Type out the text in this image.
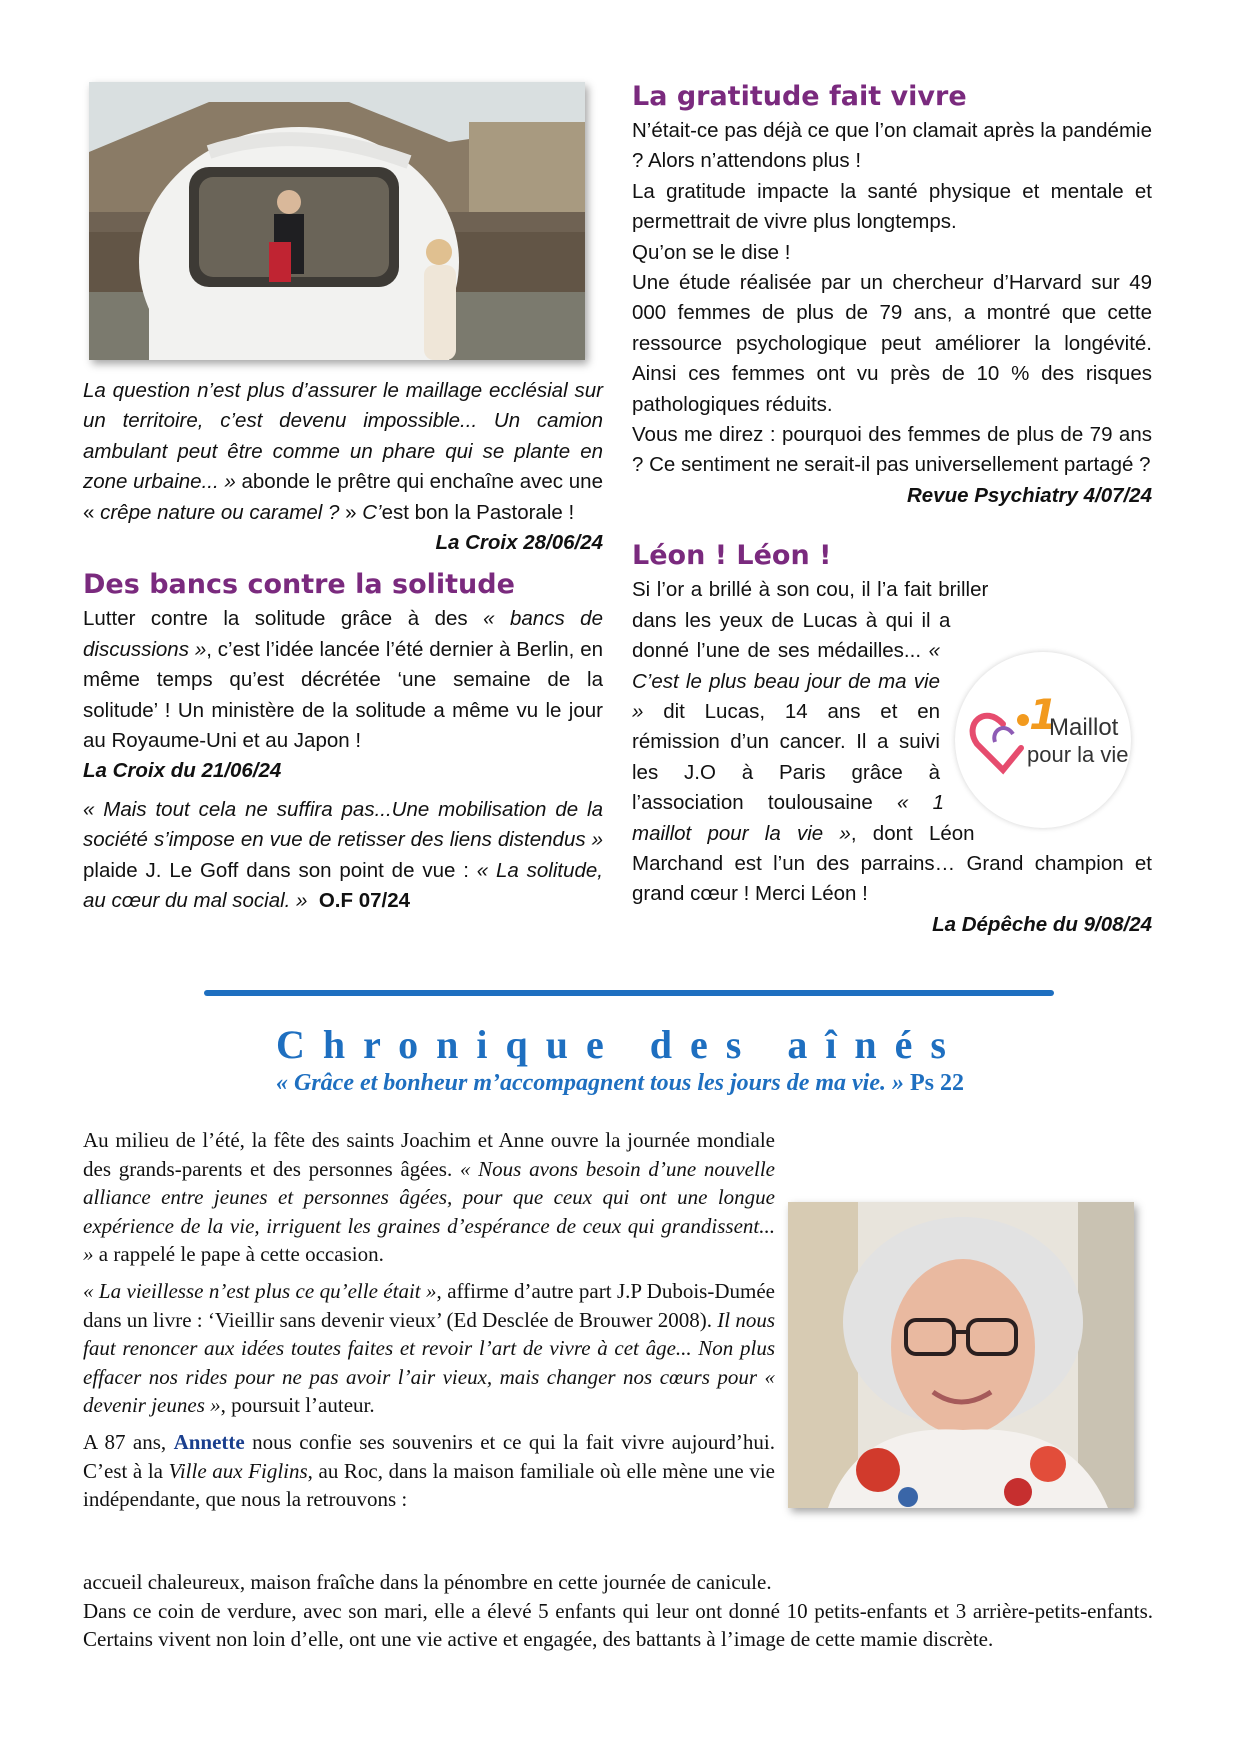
La question n’est plus d’assurer le maillage ecclésial sur un territoire, c’est devenu impossible... Un camion ambulant peut être comme un phare qui se plante en zone urbaine... » abonde le prêtre qui enchaîne avec une « crêpe nature ou caramel ? » C’est bon la Pastorale !

La Croix 28/06/24

Des bancs contre la solitude

Lutter contre la solitude grâce à des « bancs de discussions », c’est l’idée lancée l’été dernier à Berlin, en même temps qu’est décrétée ‘une semaine de la solitude’ ! Un ministère de la solitude a même vu le jour au Royaume-Uni et au Japon !

La Croix du 21/06/24

« Mais tout cela ne suffira pas...Une mobilisation de la société s’impose en vue de retisser des liens distendus » plaide J. Le Goff dans son point de vue : « La solitude, au cœur du mal social. » O.F 07/24

La gratitude fait vivre

N’était-ce pas déjà ce que l’on clamait après la pandémie ? Alors n’attendons plus !

La gratitude impacte la santé physique et mentale et permettrait de vivre plus longtemps.

Qu’on se le dise !

Une étude réalisée par un chercheur d’Harvard sur 49 000 femmes de plus de 79 ans, a montré que cette ressource psychologique peut améliorer la longévité. Ainsi ces femmes ont vu près de 10 % des risques pathologiques réduits.

Vous me direz : pourquoi des femmes de plus de 79 ans ? Ce sentiment ne serait-il pas universellement partagé ?

Revue Psychiatry 4/07/24

Léon ! Léon !

Si l’or a brillé à son cou, il l’a fait briller dans les yeux de Lucas à qui il a donné l’une de ses médailles... « C’est le plus beau jour de ma vie » dit Lucas, 14 ans et en rémission d’un cancer. Il a suivi les J.O à Paris grâce à l’association toulousaine « 1 maillot pour la vie », dont Léon Marchand est l’un des parrains… Grand champion et grand cœur ! Merci Léon !

La Dépêche du 9/08/24

1
Maillot
pour la vie
Chronique des aînés
« Grâce et bonheur m’accompagnent tous les jours de ma vie. » Ps 22

Au milieu de l’été, la fête des saints Joachim et Anne ouvre la journée mondiale des grands-parents et des personnes âgées. « Nous avons besoin d’une nouvelle alliance entre jeunes et personnes âgées, pour que ceux qui ont une longue expérience de la vie, irriguent les graines d’espérance de ceux qui grandissent... » a rappelé le pape à cette occasion.

« La vieillesse n’est plus ce qu’elle était », affirme d’autre part J.P Dubois-Dumée dans un livre : ‘Vieillir sans devenir vieux’ (Ed Desclée de Brouwer 2008). Il nous faut renoncer aux idées toutes faites et revoir l’art de vivre à cet âge... Non plus effacer nos rides pour ne pas avoir l’air vieux, mais changer nos cœurs pour « devenir jeunes », poursuit l’auteur.

A 87 ans, Annette nous confie ses souvenirs et ce qui la fait vivre aujourd’hui. C’est à la Ville aux Figlins, au Roc, dans la maison familiale où elle mène une vie indépendante, que nous la retrouvons :

accueil chaleureux, maison fraîche dans la pénombre en cette journée de canicule.

Dans ce coin de verdure, avec son mari, elle a élevé 5 enfants qui leur ont donné 10 petits-enfants et 3 arrière-petits-enfants. Certains vivent non loin d’elle, ont une vie active et engagée, des battants à l’image de cette mamie discrète.
